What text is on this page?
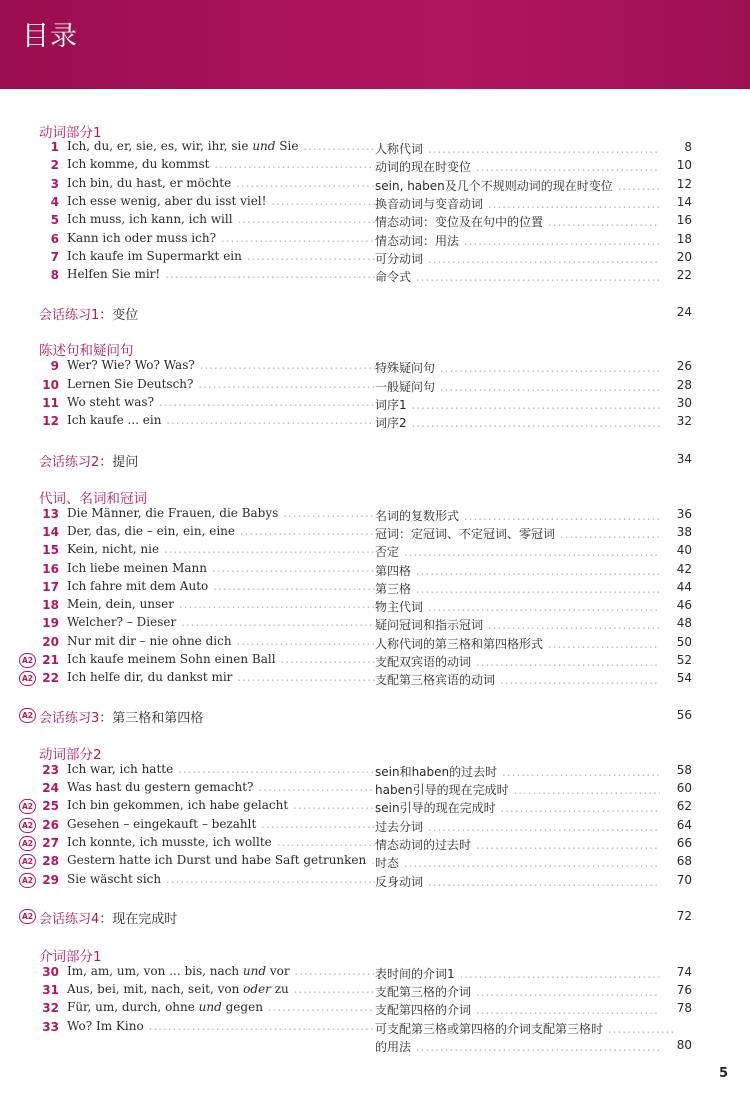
目录
动词部分1
陈述句和疑问句
代词、名词和冠词
动词部分2
介词部分1
1 Ich, du, er, sie, es, wir, ihr, sie und Sie .....	人称代词 .....	8
2 Ich komme, du kommst .....	动词的现在时变位 .....	10
3 Ich bin, du hast, er möchte .....	sein, haben及几个不规则动词的现在时变位 .....	12
4 Ich esse wenig, aber du isst viel! .....	换音动词与变音动词 .....	14
5 Ich muss, ich kann, ich will .....	情态动词：变位及在句中的位置 .....	16
6 Kann ich oder muss ich? .....	情态动词：用法 .....	18
7 Ich kaufe im Supermarkt ein .....	可分动词 .....	20
8 Helfen Sie mir! .....	命令式 .....	22
会话练习1：变位	24
9 Wer? Wie? Wo? Was? .....	特殊疑问句 .....	26
10 Lernen Sie Deutsch? .....	一般疑问句 .....	28
11 Wo steht was? .....	词序1 .....	30
12 Ich kaufe ... ein .....	词序2 .....	32
会话练习2：提问	34
13 Die Männer, die Frauen, die Babys .....	名词的复数形式 .....	36
14 Der, das, die – ein, ein, eine .....	冠词：定冠词、不定冠词、零冠词 .....	38
15 Kein, nicht, nie .....	否定 .....	40
16 Ich liebe meinen Mann .....	第四格 .....	42
17 Ich fahre mit dem Auto .....	第三格 .....	44
18 Mein, dein, unser .....	物主代词 .....	46
19 Welcher? – Dieser .....	疑问冠词和指示冠词 .....	48
20 Nur mit dir – nie ohne dich .....	人称代词的第三格和第四格形式 .....	50
A2 21 Ich kaufe meinem Sohn einen Ball .....	支配双宾语的动词 .....	52
A2 22 Ich helfe dir, du dankst mir .....	支配第三格宾语的动词 .....	54
A2 会话练习3：第三格和第四格	56
23 Ich war, ich hatte .....	sein和haben的过去时 .....	58
24 Was hast du gestern gemacht? .....	haben引导的现在完成时 .....	60
A2 25 Ich bin gekommen, ich habe gelacht .....	sein引导的现在完成时 .....	62
A2 26 Gesehen – eingekauft – bezahlt .....	过去分词 .....	64
A2 27 Ich konnte, ich musste, ich wollte .....	情态动词的过去时 .....	66
A2 28 Gestern hatte ich Durst und habe Saft getrunken ..... 时态 .....	68
A2 29 Sie wäscht sich .....	反身动词 .....	70
A2 会话练习4：现在完成时	72
30 Im, am, um, von ... bis, nach und vor .....	表时间的介词1 .....	74
31 Aus, bei, mit, nach, seit, von oder zu .....	支配第三格的介词 .....	76
32 Für, um, durch, ohne und gegen .....	支配第四格的介词 .....	78
33 Wo? Im Kino .....	可支配第三格或第四格的介词支配第三格时 .....
的用法 .....	80
5
